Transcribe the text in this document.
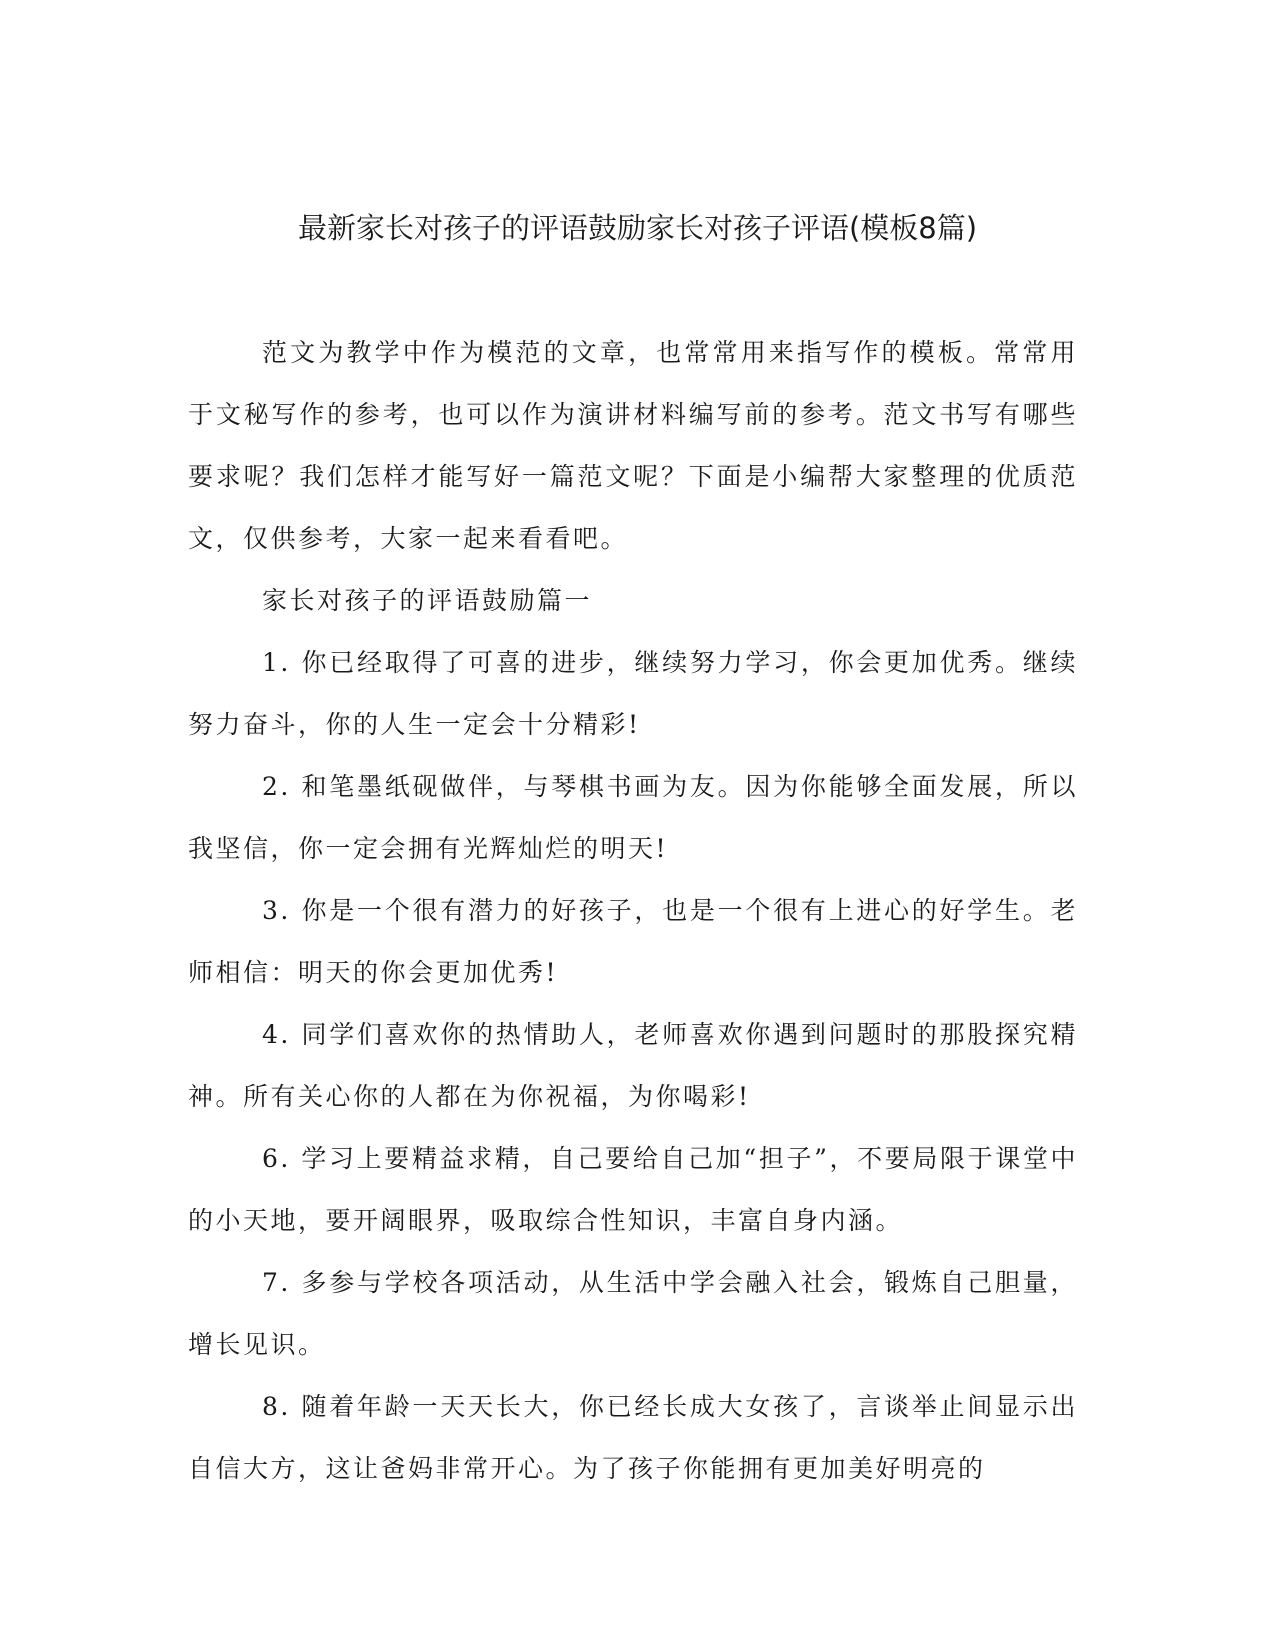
最新家长对孩子的评语鼓励家长对孩子评语(模板8篇)

范文为教学中作为模范的文章，也常常用来指写作的模板。常常用于文秘写作的参考，也可以作为演讲材料编写前的参考。范文书写有哪些要求呢？我们怎样才能写好一篇范文呢？下面是小编帮大家整理的优质范文，仅供参考，大家一起来看看吧。

家长对孩子的评语鼓励篇一

1. 你已经取得了可喜的进步，继续努力学习，你会更加优秀。继续努力奋斗，你的人生一定会十分精彩!

2. 和笔墨纸砚做伴，与琴棋书画为友。因为你能够全面发展，所以我坚信，你一定会拥有光辉灿烂的明天!

3. 你是一个很有潜力的好孩子，也是一个很有上进心的好学生。老师相信：明天的你会更加优秀!

4. 同学们喜欢你的热情助人，老师喜欢你遇到问题时的那股探究精神。所有关心你的人都在为你祝福，为你喝彩!

6. 学习上要精益求精，自己要给自己加“担子”，不要局限于课堂中的小天地，要开阔眼界，吸取综合性知识，丰富自身内涵。

7. 多参与学校各项活动，从生活中学会融入社会，锻炼自己胆量，增长见识。

8. 随着年龄一天天长大，你已经长成大女孩了，言谈举止间显示出自信大方，这让爸妈非常开心。为了孩子你能拥有更加美好明亮的
